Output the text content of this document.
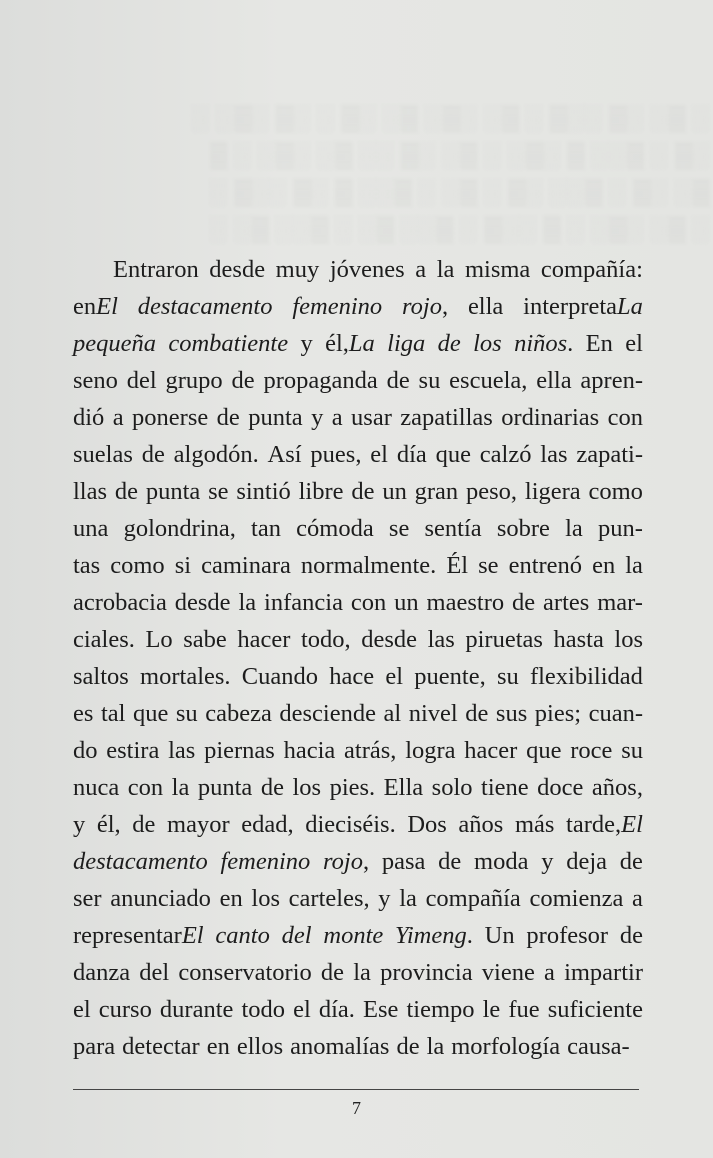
░ ▒░ ░▒ ░░▒ ░ ▒░ ░▒░ ▒░ ░▒ ░ ░▒ ░▒░ ░
░▒ ░ ▒░░ ▒ ░▒░ ░ ▒░ ░▒ ░░ ▒░ ░▒░ ░ ▒
▒░ ░▒ ░ ▒░░ ░▒ ░ ▒░ ░ ▒░░ ▒ ░▒ ░░▒ ░
░ ▒░ ░▒░ ░ ▒ ░░▒ ░ ▒░░ ▒░ ░ ▒░░ ▒░ ░
Entraron desde muy jóvenes a la misma compañía:
enEl destacamento femenino rojo, ella interpretaLa
pequeña combatiente y él,La liga de los niños. En el
seno del grupo de propaganda de su escuela, ella apren-
dió a ponerse de punta y a usar zapatillas ordinarias con
suelas de algodón. Así pues, el día que calzó las zapati-
llas de punta se sintió libre de un gran peso, ligera como
una golondrina, tan cómoda se sentía sobre la pun-
tas como si caminara normalmente. Él se entrenó en la
acrobacia desde la infancia con un maestro de artes mar-
ciales. Lo sabe hacer todo, desde las piruetas hasta los
saltos mortales. Cuando hace el puente, su flexibilidad
es tal que su cabeza desciende al nivel de sus pies; cuan-
do estira las piernas hacia atrás, logra hacer que roce su
nuca con la punta de los pies. Ella solo tiene doce años,
y él, de mayor edad, dieciséis. Dos años más tarde,El
destacamento femenino rojo, pasa de moda y deja de
ser anunciado en los carteles, y la compañía comienza a
representarEl canto del monte Yimeng. Un profesor de
danza del conservatorio de la provincia viene a impartir
el curso durante todo el día. Ese tiempo le fue suficiente
para detectar en ellos anomalías de la morfología causa-
7
